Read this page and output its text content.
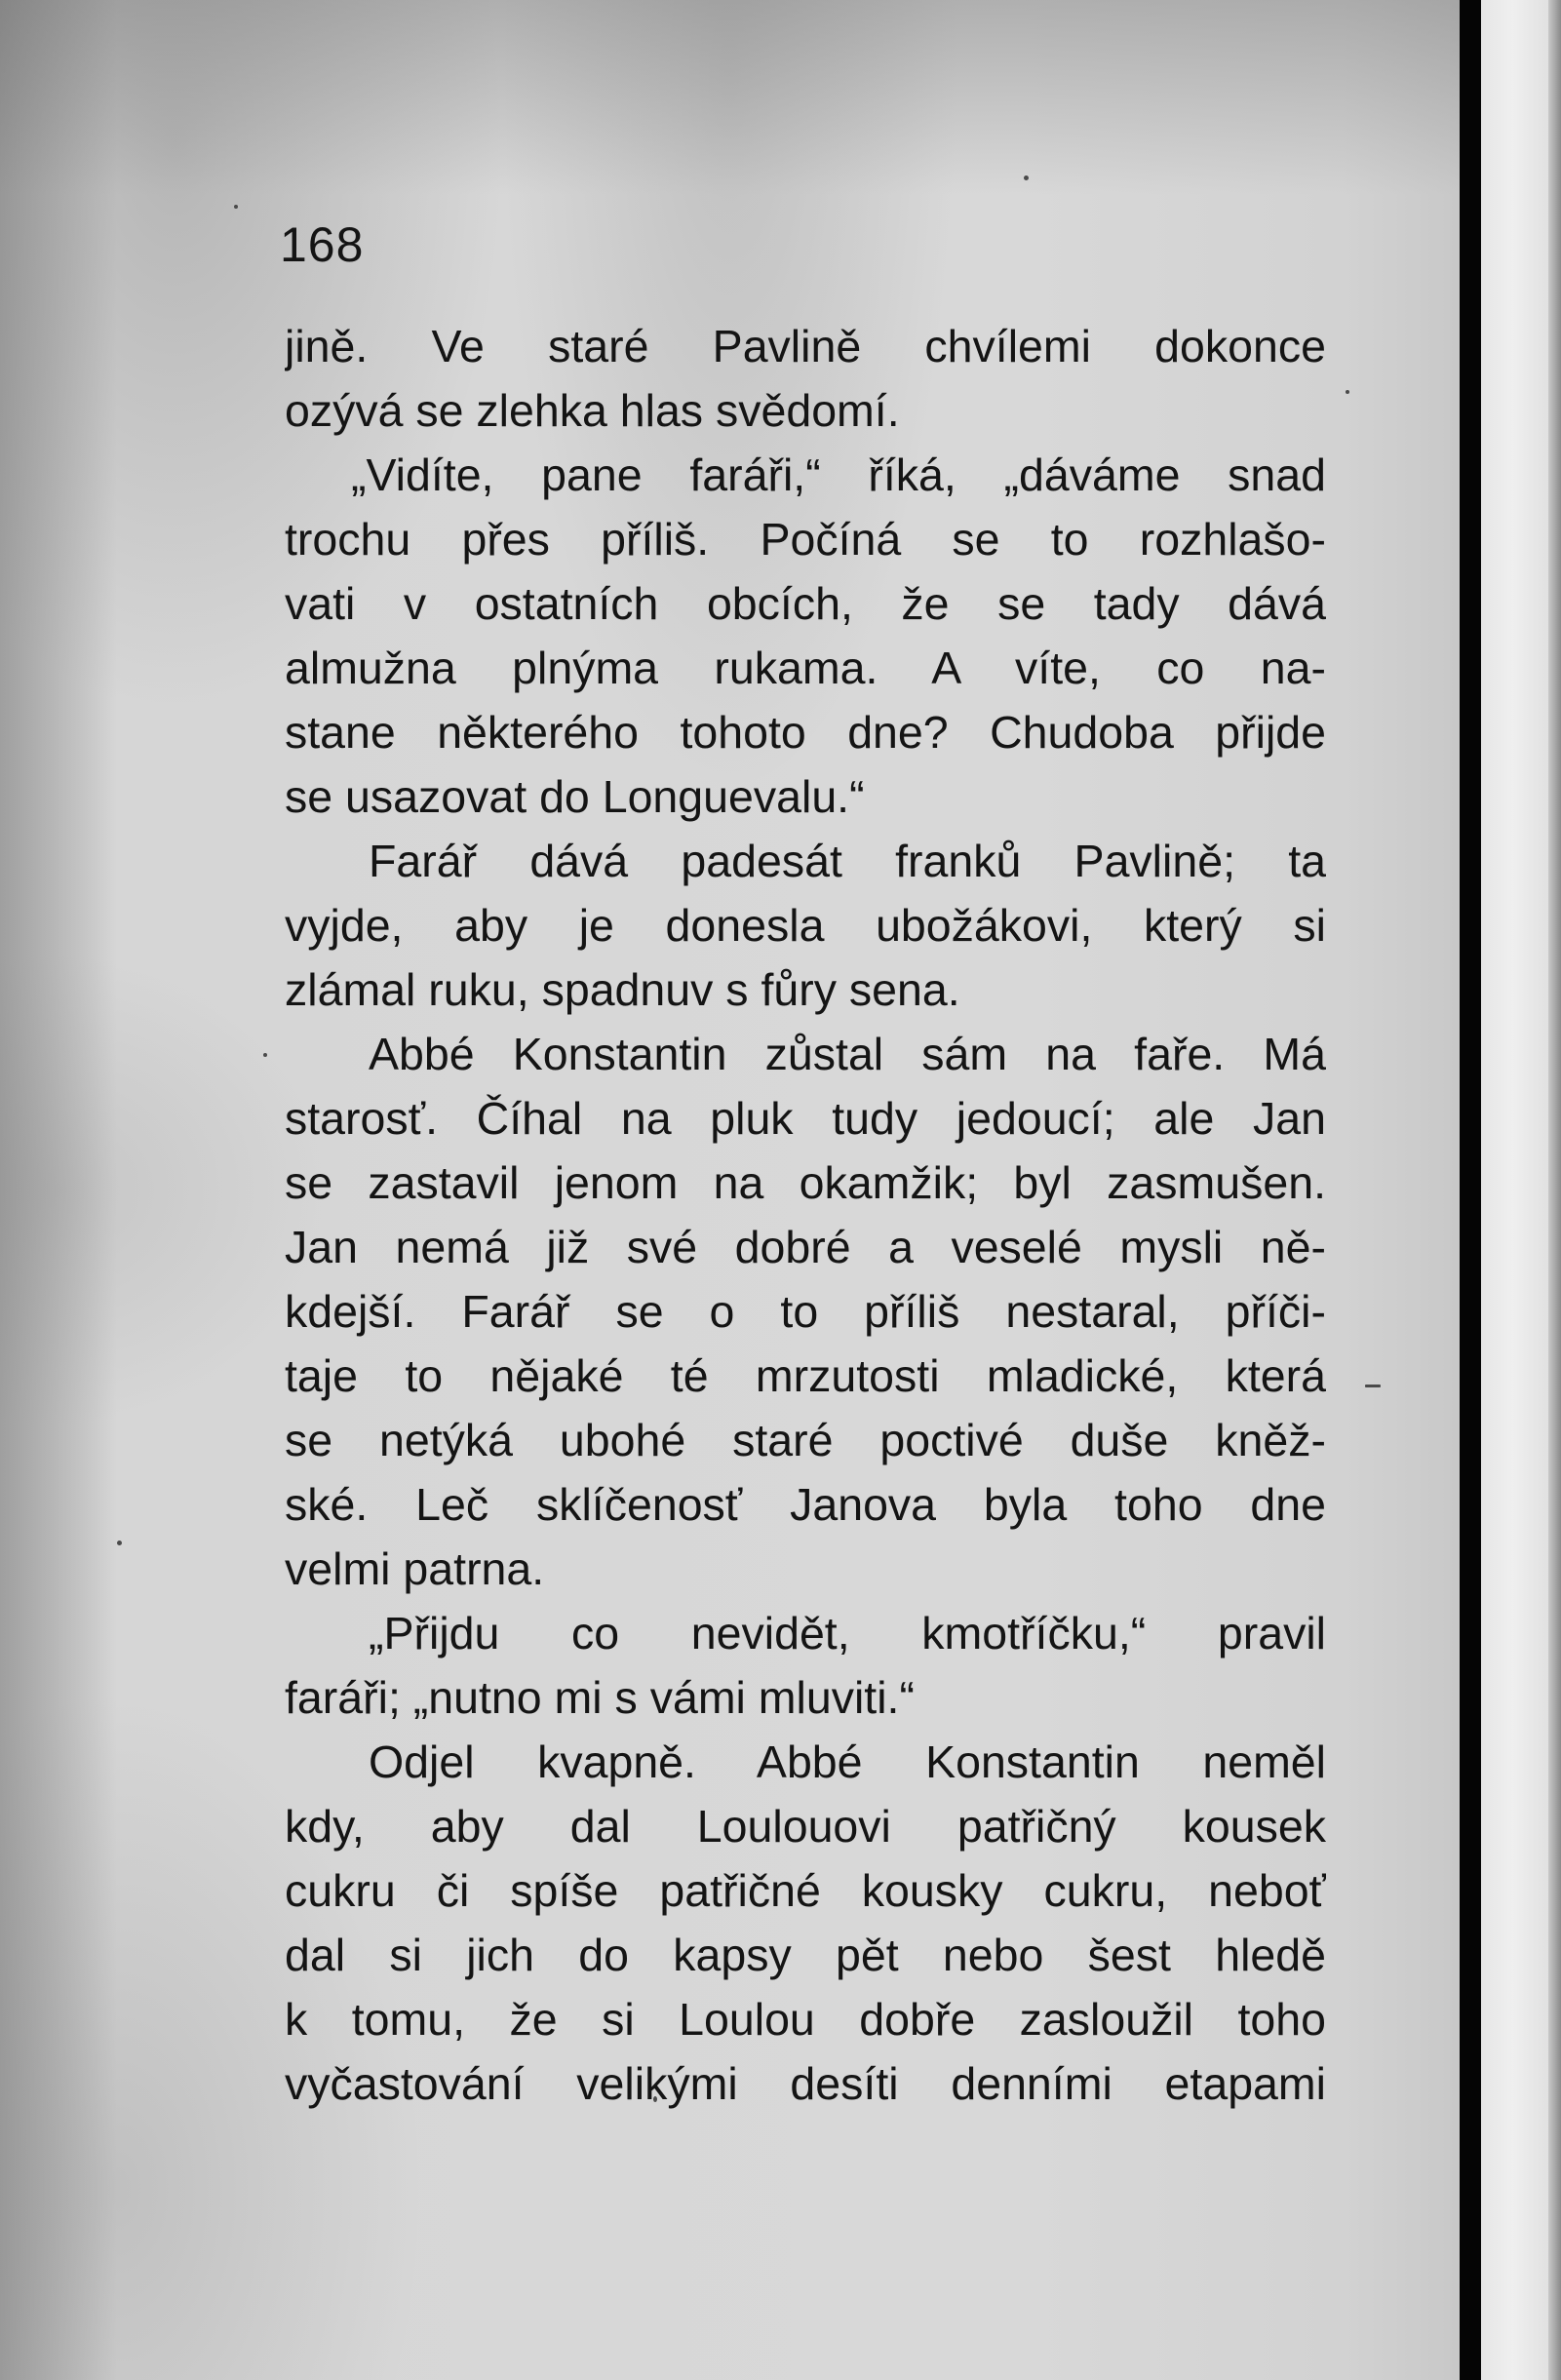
168

jině. Ve staré Pavlině chvílemi dokonce
ozývá se zlehka hlas svědomí.
„Vidíte, pane faráři,“ říká, „dáváme snad
trochu přes příliš. Počíná se to rozhlašo-
vati v ostatních obcích, že se tady dává
almužna plnýma rukama. A víte, co na-
stane některého tohoto dne? Chudoba přijde
se usazovat do Longuevalu.“
Farář dává padesát franků Pavlině; ta
vyjde, aby je donesla ubožákovi, který si
zlámal ruku, spadnuv s fůry sena.
Abbé Konstantin zůstal sám na faře. Má
starosť. Číhal na pluk tudy jedoucí; ale Jan
se zastavil jenom na okamžik; byl zasmušen.
Jan nemá již své dobré a veselé mysli ně-
kdejší. Farář se o to příliš nestaral, příči-
taje to nějaké té mrzutosti mladické, která
se netýká ubohé staré poctivé duše kněž-
ské. Leč sklíčenosť Janova byla toho dne
velmi patrna.
„Přijdu co nevidět, kmotříčku,“ pravil
faráři; „nutno mi s vámi mluviti.“
Odjel kvapně. Abbé Konstantin neměl
kdy, aby dal Loulouovi patřičný kousek
cukru či spíše patřičné kousky cukru, neboť
dal si jich do kapsy pět nebo šest hledě
k tomu, že si Loulou dobře zasloužil toho
vyčastování velikými desíti denními etapami
